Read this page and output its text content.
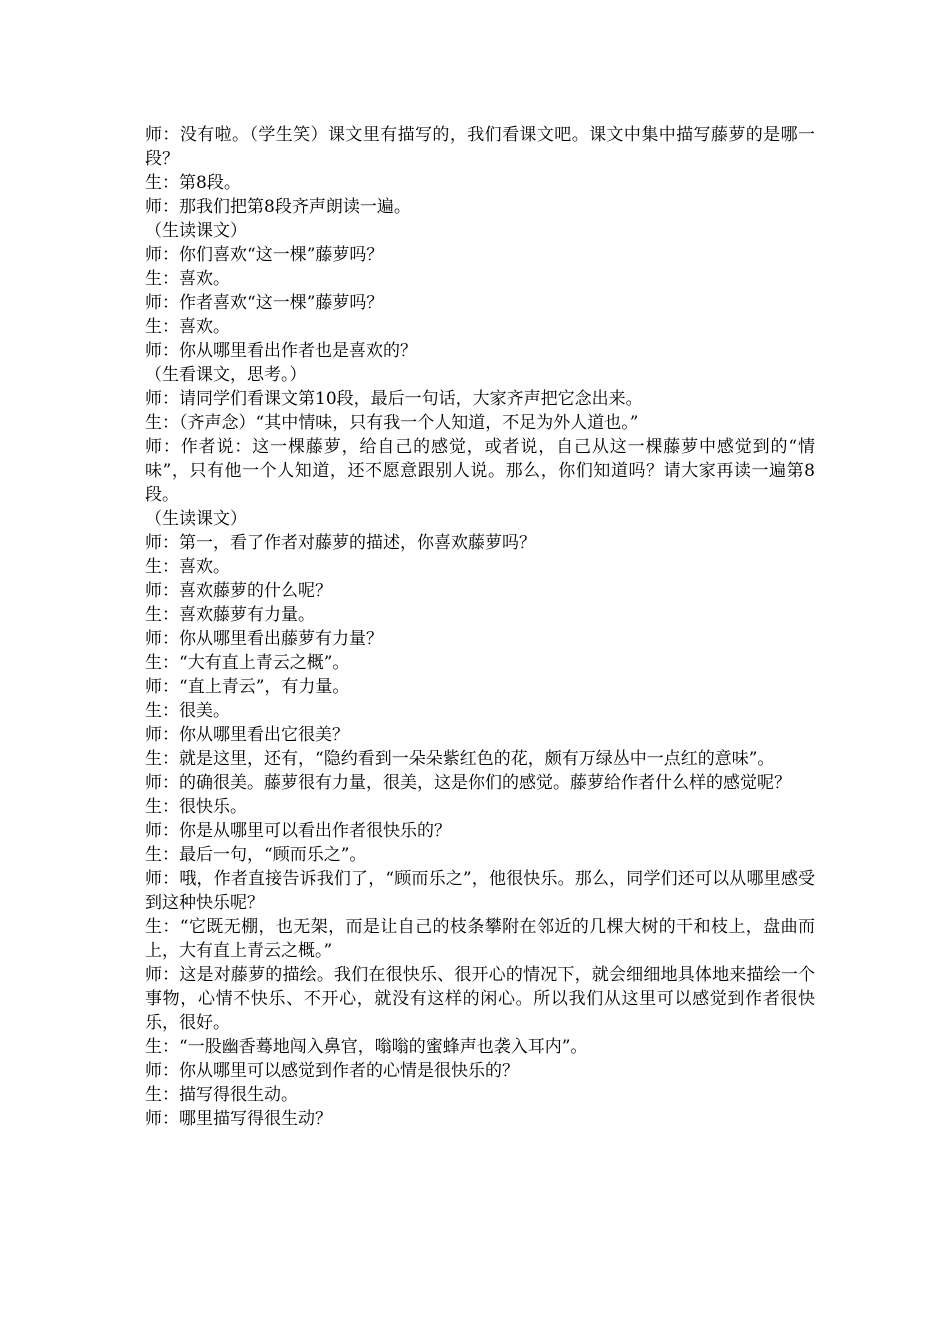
师：没有啦。（学生笑）课文里有描写的，我们看课文吧。课文中集中描写藤萝的是哪一段？

生：第8段。

师：那我们把第8段齐声朗读一遍。

（生读课文）

师：你们喜欢“这一棵”藤萝吗？

生：喜欢。

师：作者喜欢“这一棵”藤萝吗？

生：喜欢。

师：你从哪里看出作者也是喜欢的？

（生看课文，思考。）

师：请同学们看课文第10段，最后一句话，大家齐声把它念出来。

生：（齐声念）“其中情味，只有我一个人知道，不足为外人道也。”

师：作者说：这一棵藤萝，给自己的感觉，或者说，自己从这一棵藤萝中感觉到的“情味”，只有他一个人知道，还不愿意跟别人说。那么，你们知道吗？请大家再读一遍第8段。

（生读课文）

师：第一，看了作者对藤萝的描述，你喜欢藤萝吗？

生：喜欢。

师：喜欢藤萝的什么呢？

生：喜欢藤萝有力量。

师：你从哪里看出藤萝有力量？

生：“大有直上青云之概”。

师：“直上青云”，有力量。

生：很美。

师：你从哪里看出它很美？

生：就是这里，还有，“隐约看到一朵朵紫红色的花，颇有万绿丛中一点红的意味”。

师：的确很美。藤萝很有力量，很美，这是你们的感觉。藤萝给作者什么样的感觉呢？

生：很快乐。

师：你是从哪里可以看出作者很快乐的？

生：最后一句，“顾而乐之”。

师：哦，作者直接告诉我们了，“顾而乐之”，他很快乐。那么，同学们还可以从哪里感受到这种快乐呢？

生：“它既无棚，也无架，而是让自己的枝条攀附在邻近的几棵大树的干和枝上，盘曲而上，大有直上青云之概。”

师：这是对藤萝的描绘。我们在很快乐、很开心的情况下，就会细细地具体地来描绘一个事物，心情不快乐、不开心，就没有这样的闲心。所以我们从这里可以感觉到作者很快乐，很好。

生：“一股幽香蓦地闯入鼻官，嗡嗡的蜜蜂声也袭入耳内”。

师：你从哪里可以感觉到作者的心情是很快乐的？

生：描写得很生动。

师：哪里描写得很生动？
